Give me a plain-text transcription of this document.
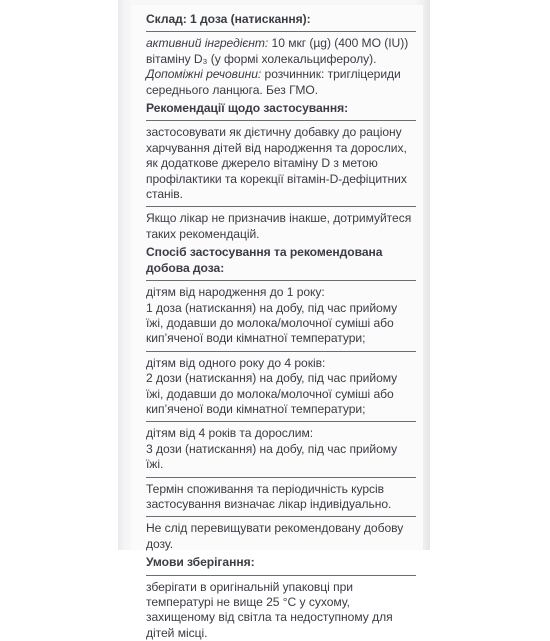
Склад: 1 доза (натискання):
активний інгредієнт: 10 мкг (µg) (400 МО (IU)) вітаміну D₃ (у формі холекальциферолу). Допоміжні речовини: розчинник: тригліцериди середнього ланцюга. Без ГМО.
Рекомендації щодо застосування:
застосовувати як дієтичну добавку до раціону харчування дітей від народження та дорослих, як додаткове джерело вітаміну D з метою профілактики та корекції вітамін-D-дефіцитних станів.
Якщо лікар не призначив інакше, дотримуйтеся таких рекомендацій.
Спосіб застосування та рекомендована добова доза:
дітям від народження до 1 року:
1 доза (натискання) на добу, під час прийому їжі, додавши до молока/молочної суміші або кип’яченої води кімнатної температури;
дітям від одного року до 4 років:
2 дози (натискання) на добу, під час прийому їжі, додавши до молока/молочної суміші або кип’яченої води кімнатної температури;
дітям від 4 років та дорослим:
3 дози (натискання) на добу, під час прийому їжі.
Термін споживання та періодичність курсів застосування визначає лікар індивідуально.
Не слід перевищувати рекомендовану добову дозу.
Умови зберігання:
зберігати в оригінальній упаковці при температурі не вище 25 °С у сухому, захищеному від світла та недоступному для дітей місці.
